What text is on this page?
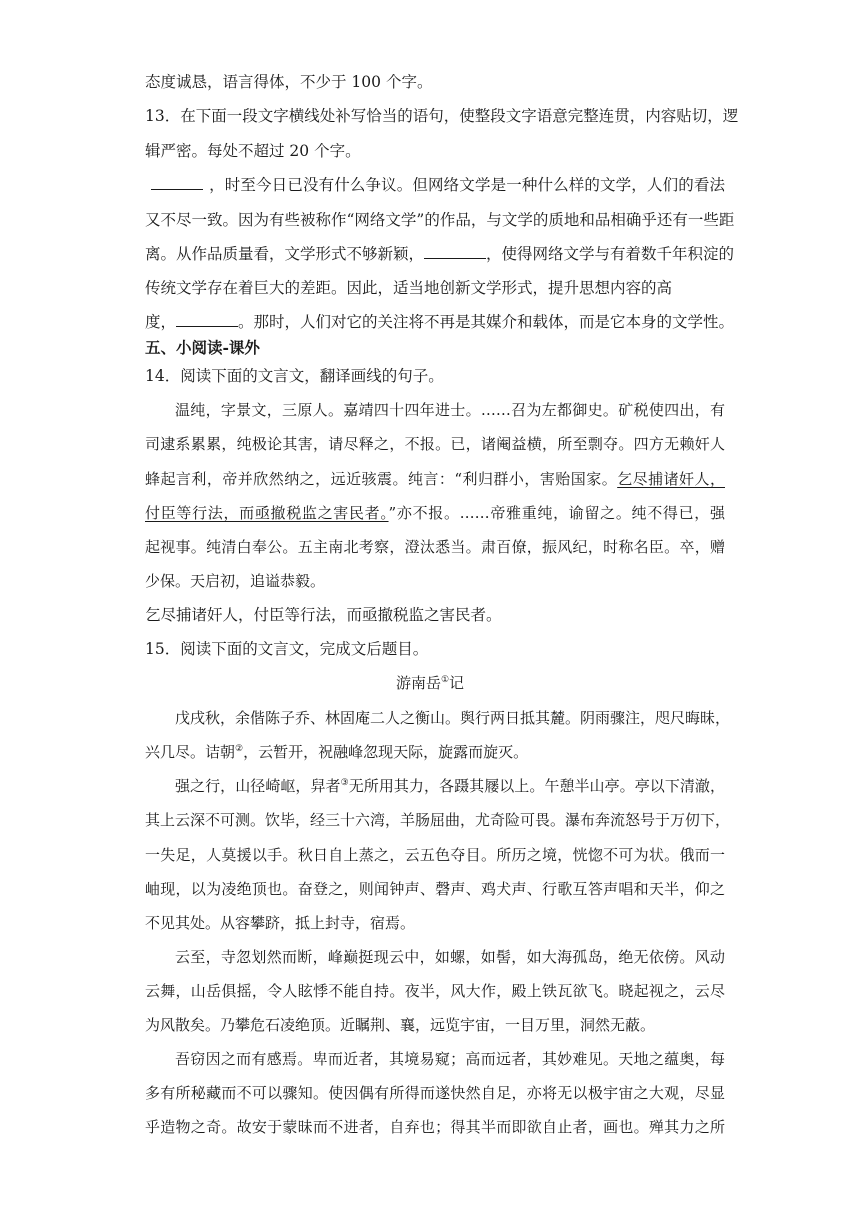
态度诚恳，语言得体，不少于 100 个字。
13．在下面一段文字横线处补写恰当的语句，使整段文字语意完整连贯，内容贴切，逻
辑严密。每处不超过 20 个字。
，时至今日已没有什么争议。但网络文学是一种什么样的文学，人们的看法
又不尽一致。因为有些被称作“网络文学”的作品，与文学的质地和品相确乎还有一些距
离。从作品质量看，文学形式不够新颖，	，使得网络文学与有着数千年积淀的
传统文学存在着巨大的差距。因此，适当地创新文学形式，提升思想内容的高
度，	。那时，人们对它的关注将不再是其媒介和载体，而是它本身的文学性。
五、小阅读-课外
14．阅读下面的文言文，翻译画线的句子。
温纯，字景文，三原人。嘉靖四十四年进士。……召为左都御史。矿税使四出，有
司逮系累累，纯极论其害，请尽释之，不报。已，诸阉益横，所至剽夺。四方无赖奸人
蜂起言利，帝并欣然纳之，远近骇震。纯言：“利归群小，害贻国家。乞尽捕诸奸人，
付臣等行法，而亟撤税监之害民者。”亦不报。……帝雅重纯，谕留之。纯不得已，强
起视事。纯清白奉公。五主南北考察，澄汰悉当。肃百僚，振风纪，时称名臣。卒，赠
少保。天启初，追谥恭毅。
乞尽捕诸奸人，付臣等行法，而亟撤税监之害民者。
15．阅读下面的文言文，完成文后题目。
游南岳①记
戊戌秋，余偕陈子乔、林固庵二人之衡山。舆行两日抵其麓。阴雨骤注，咫尺晦昧，
兴几尽。诘朝②，云暂开，祝融峰忽现天际，旋露而旋灭。
强之行，山径崎岖，舁者③无所用其力，各蹑其屦以上。午憩半山亭。亭以下清澈，
其上云深不可测。饮毕，经三十六湾，羊肠屈曲，尤奇险可畏。瀑布奔流怒号于万仞下，
一失足，人莫援以手。秋日自上蒸之，云五色夺目。所历之境，恍惚不可为状。俄而一
岫现，以为凌绝顶也。奋登之，则闻钟声、磬声、鸡犬声、行歌互答声唱和天半，仰之
不见其处。从容攀跻，抵上封寺，宿焉。
云至，寺忽划然而断，峰巅挺现云中，如螺，如髻，如大海孤岛，绝无依傍。风动
云舞，山岳俱摇，令人眩悸不能自持。夜半，风大作，殿上铁瓦欲飞。晓起视之，云尽
为风散矣。乃攀危石凌绝顶。近瞩荆、襄，远览宇宙，一目万里，洞然无蔽。
吾窃因之而有感焉。卑而近者，其境易窥；高而远者，其妙难见。天地之蕴奥，每
多有所秘藏而不可以骤知。使因偶有所得而遂快然自足，亦将无以极宇宙之大观，尽显
乎造物之奇。故安于蒙昧而不进者，自弃也；得其半而即欲自止者，画也。殚其力之所
